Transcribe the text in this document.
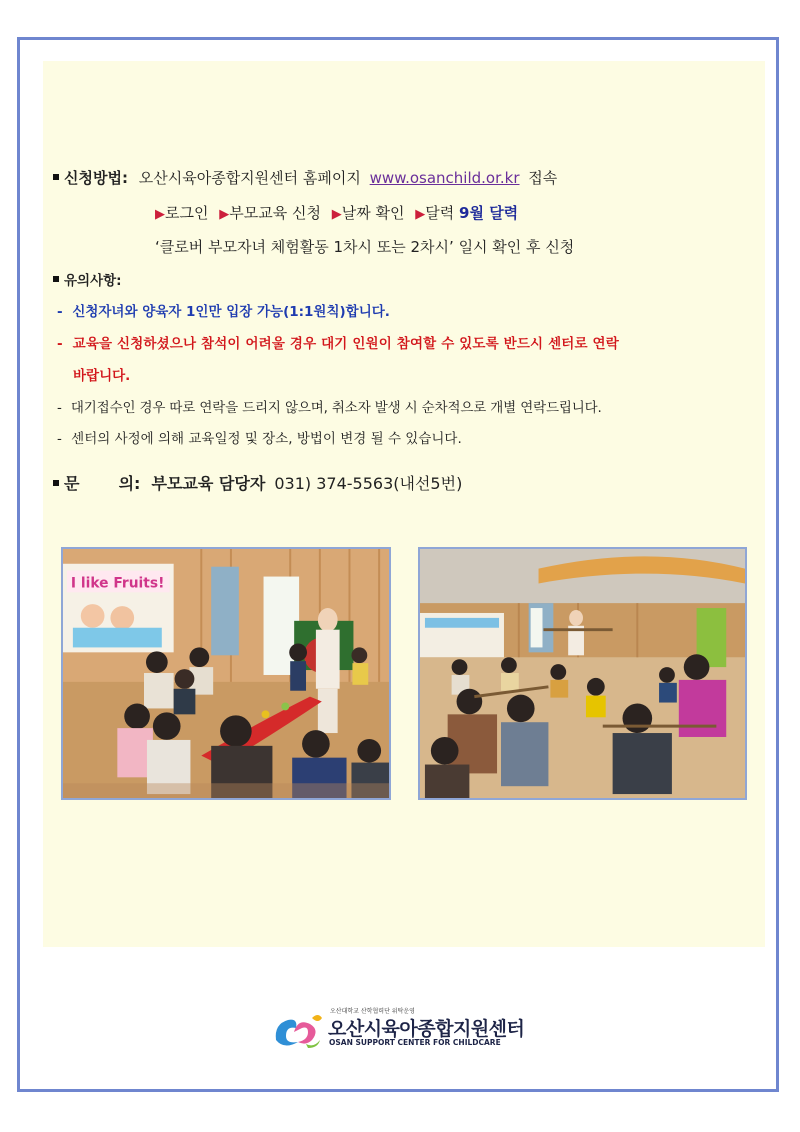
신청방법: 오산시육아종합지원센터 홈페이지 www.osanchild.or.kr 접속
▶로그인 ▶부모교육 신청 ▶날짜 확인 ▶달력 9월 달력
‘클로버 부모자녀 체험활동 1차시 또는 2차시’ 일시 확인 후 신청
유의사항:
- 신청자녀와 양육자 1인만 입장 가능(1:1원칙)합니다.
- 교육을 신청하셨으나 참석이 어려울 경우 대기 인원이 참여할 수 있도록 반드시 센터로 연락
바랍니다.
- 대기접수인 경우 따로 연락을 드리지 않으며, 취소자 발생 시 순차적으로 개별 연락드립니다.
- 센터의 사정에 의해 교육일정 및 장소, 방법이 변경 될 수 있습니다.
문 의: 부모교육 담당자 031) 374-5563(내선5번)
I like Fruits!
오산대학교 산학협력단 위탁운영
오산시육아종합지원센터
OSAN SUPPORT CENTER FOR CHILDCARE
